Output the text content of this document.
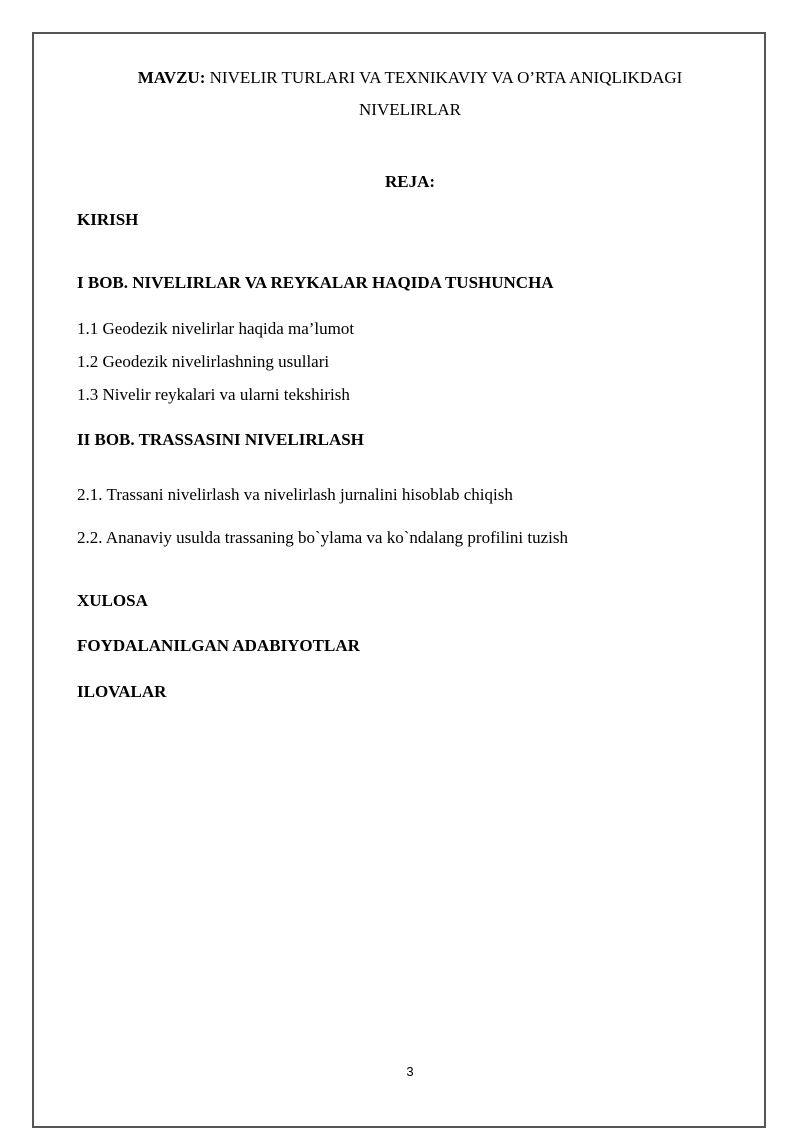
MAVZU: NIVELIR TURLARI VA TEXNIKAVIY VA O’RTA ANIQLIKDAGI
NIVELIRLAR
REJA:
KIRISH
I BOB. NIVELIRLAR VA REYKALAR HAQIDA TUSHUNCHA
1.1 Geodezik nivelirlar haqida ma’lumot
1.2 Geodezik nivelirlashning usullari
1.3 Nivelir reykalari va ularni tekshirish
II BOB. TRASSASINI NIVELIRLASH
2.1. Trassani nivelirlash va nivelirlash jurnalini hisoblab chiqish
2.2. Ananaviy usulda trassaning bo`ylama va ko`ndalang profilini tuzish
XULOSA
FOYDALANILGAN ADABIYOTLAR
ILOVALAR
3
